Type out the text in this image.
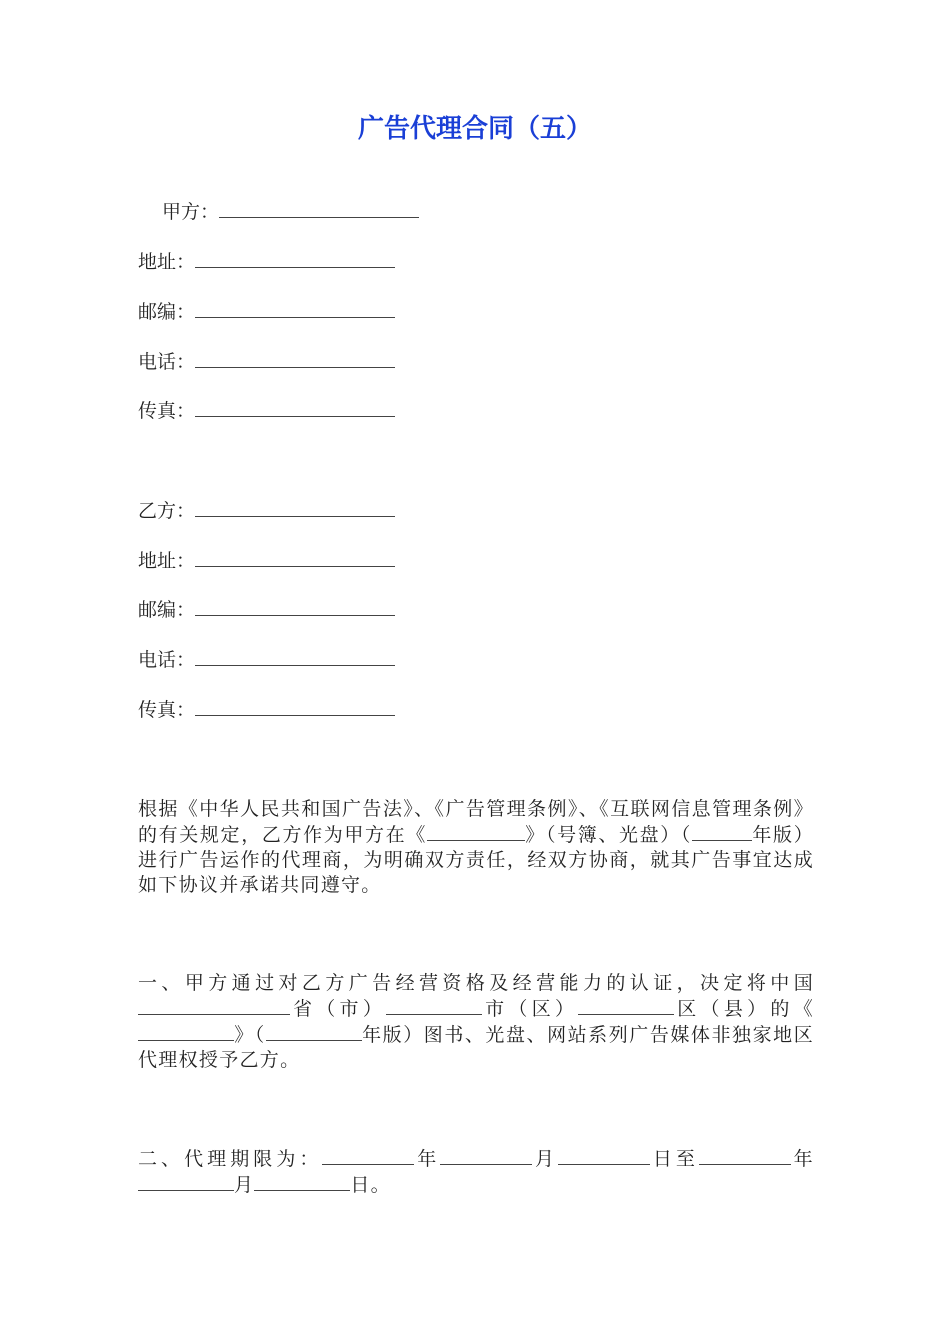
广告代理合同（五）
甲方：
地址：
邮编：
电话：
传真：
乙方：
地址：
邮编：
电话：
传真：
根据《中华人民共和国广告法》、《广告管理条例》、《互联网信息管理条例》的有关规定，乙方作为甲方在《	》（号簿、光盘）（	年版）进行广告运作的代理商，为明确双方责任，经双方协商，就其广告事宜达成如下协议并承诺共同遵守。
一、甲方通过对乙方广告经营资格及经营能力的认证，决定将中国省（市）	市（区）	区（县）的《》（	年版）图书、光盘、网站系列广告媒体非独家地区代理权授予乙方。
二、代理期限为：	年	月	日至	年月	日。
